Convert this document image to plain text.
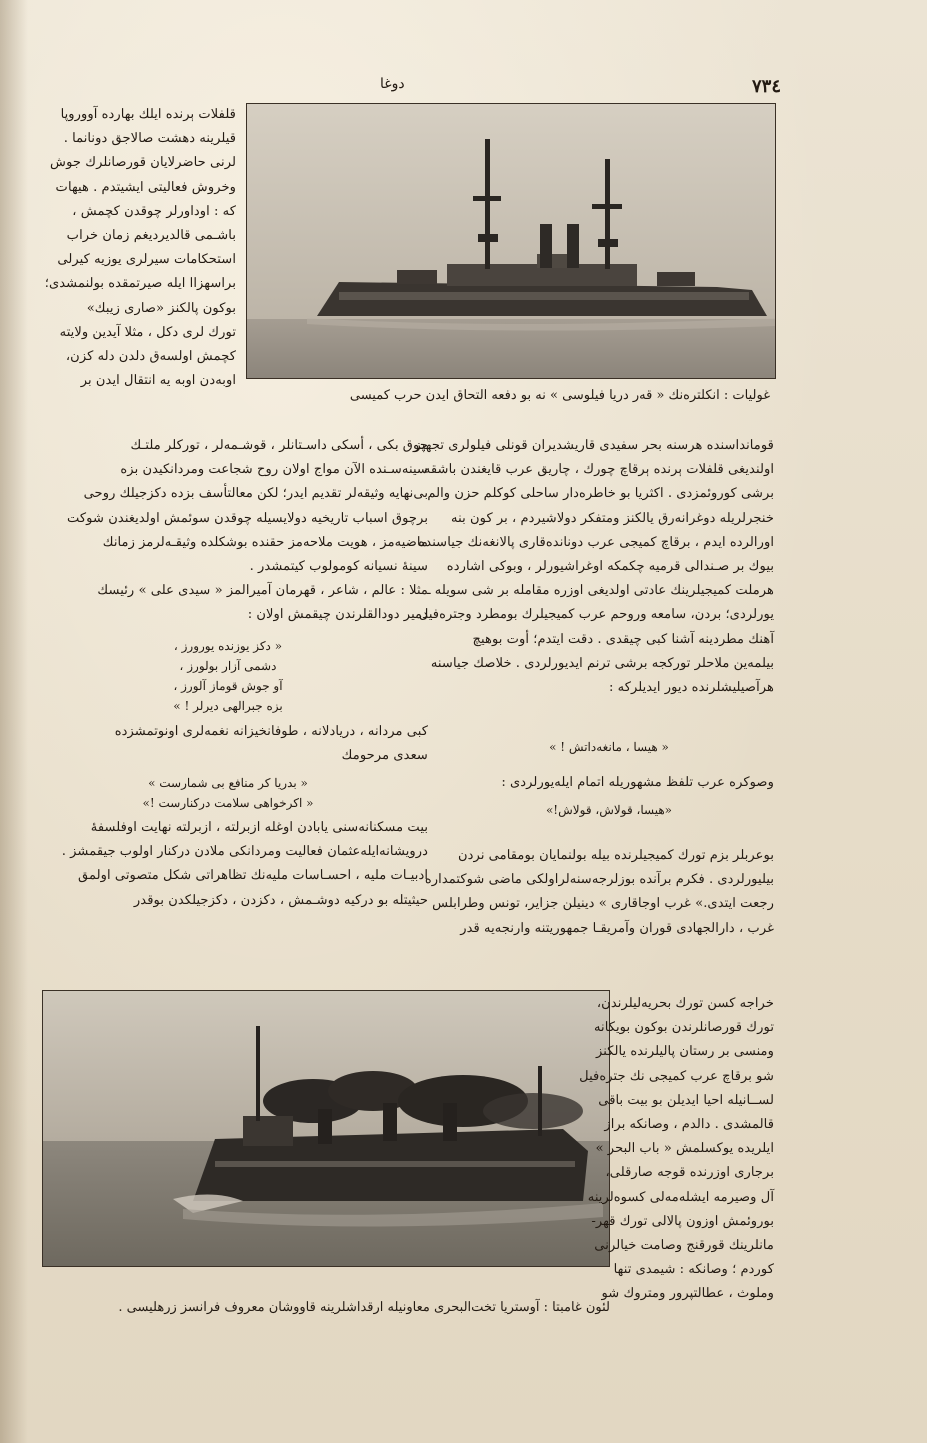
دوغا	٧٣٤

قلفلات ېرنده ایلك بهارده آووروپا

قیلرینه دهشت صالاجق دونانما .

لرنی حاضرلایان قورصانلرك جوش

وخروش فعالیتی ایشیتدم . هیهات

كه : اوداورلر چوقدن كچمش ،

باشـمی قالدیردیغم زمان خراب

استحكامات سیرلری یوزیه كیرلی

براسهزاا ایله صیرتمقده بولنمشدی؛

بوكون پالكنز «صاری زیبك»

تورك لری دكل ، مثلا آیدین ولایته

كچمش اولسەق دلدن دله كزن،

اوبەدن اوبه یه انتقال ایدن بر

غولیات : انکلترەنك « قەر دریا فیلوسی » نە بو دفعە التحاق ایدن حرب كمیسی

قومانداسنده هرسنه بحر سفیدی قاریشدیران قونلی فیلولری تجهیز

اولندیغی قلفلات ېرنده ېرقاچ چورك ، چاریق عرب قایغندن باشقه

برشی كوروئمزدی . اكثریا بو خاطره‌دار ساحلی كوكلم حزن والم

خنجرلریله دوغرانەرق یالكنز ومتفكر دولاشیردم ، بر كون بنه

اورالرده ایدم ، برقاچ كمیجی عرب دونانده‌قاری پالانغه‌نك جیاسنده

بیوك بر صـندالی قرمیه چكمكه اوغراشیورلر ، وبوكی اشارده

هرملت كمیجیلرینك عادتی اولدیغی اوزره مقامله بر شی سویله ـ

یورلردی؛ بردن، سامعه وروحم عرب كمیجیلرك بومطرد وجترەفیل

آهنك مطردینه آشنا كبی چیقدی . دقت ایتدم؛ أوت بوهیچ

بیلمه‌ین ملاحلر تورکجه برشی ترنم ایدیورلردی . خلاصك جیاسنه

هرآصیلیشلرنده دیور ایدیلركه :

« هیسا ، مانغه‌داتش ! »

وصوكره عرب تلفظ مشهوریله اتمام ایلەیورلردی :

«هیسا، قولاش، قولاش!»

بوعربلر بزم تورك كمیجیلرنده بیله بولنمایان بومقامی نردن

بیلیورلردی . فكرم برآنده بوزلرجەسنەلراولكی ماضی شوكتمداره

رجعت ایتدی.» غرب اوجاقاری » دینیلن جزایر، تونس وطرابلس

غرب ، دارالجهادی قوران وآمریقـا جمهوریتنه وارنجەیه قدر

چوق بكی ، أسكی داسـتانلر ، قوشـمەلر ، توركلر ملتـك

سینەسـنده الآن مواج اولان روح شجاعت ومردانكیدن بزه

بی‌نهایه وثیقەلر تقدیم ایدر؛ لكن معالتأسف بزده دكزجیلك روحی

برچوق اسباب تاریخیه دولایسیله چوقدن سوئمش اولدیغندن شوكت

ماضیەمز ، هویت ملاحەمز حقنده بوشكلده وثیقـەلرمز زمانك

سینهٔ نسیانه كومولوب كیتمشدر .

مثلا : عالم ، شاعر ، قهرمان آمیرالمز « سیدی علی » رئیسك

دمیر دودالقلرندن چیقمش اولان :

« دكز یوزنده یورورز ،
دشمی آزار بولورز ،
آو جوش قوماز آلورز ،
بزه جبرالهی دیرلر ! »

كبی مردانه ، دریادلانه ، طوفانخیزانه نغمەلری اونوتمشزده

سعدی مرحومك

« بدریا كر منافع بی شمارست »
« اكرخواهی سلامت دركنارست !»

بیت مسكنانەسنی یابادن اوغله ازبرلته ، ازبرلته نهایت اوفلسفهٔ

درویشانەایله‌عثمان فعالیت ومردانكی ملادن دركنار اولوب جیقمشز .

ادبیـات ملیه ، احسـاسات ملیەنك تظاهراتی شكل متصوتی اولمق

حیثیتله بو دركیه دوشـمش ، دكزدن ، دكزجیلكدن بوقدر

لئون غامبتا : آوستریا تخت‌البحری معاونیله ارقداشلرینه قاووشان معروف فرانسز زرهلیسی .

خراجه كسن تورك بحریەلیلرندن،

تورك قورصانلرندن بوكون بویكانه

ومنسی بر رستان پالیلرنده یالكنز

شو برقاچ عرب كمیجی نك جترەفیل

لســانیله احیا ایدیلن بو بیت باقی

قالمشدی . دالدم ، وصانکه براز

ایلریده یوكسلمش « باب البحر »

برجاری اوزرنده قوجه صارقلی،

آل وصیرمه ایشلەمەلی كسوەلرینه

بوروئمش اوزون پالالی تورك قهر-

مانلرینك قورقنج وصامت خیالرنی

كوردم ؛ وصانکه : شیمدی تنها

وملوث ، عطالتپرور ومتروك شو
